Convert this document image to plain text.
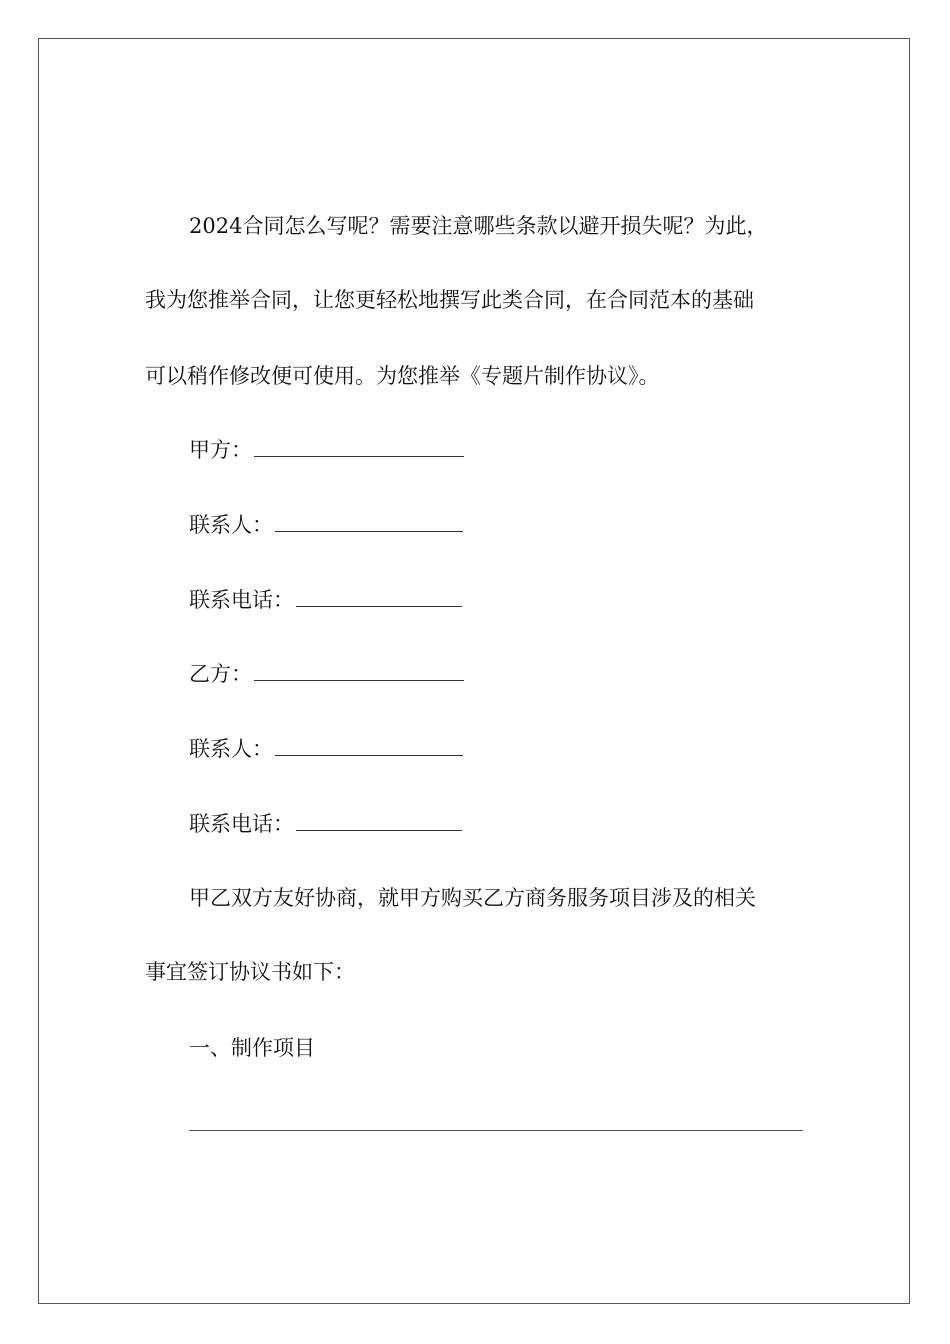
2024合同怎么写呢？需要注意哪些条款以避开损失呢？为此，
我为您推举合同，让您更轻松地撰写此类合同，在合同范本的基础
可以稍作修改便可使用。为您推举《专题片制作协议》。
甲方：
联系人：
联系电话：
乙方：
联系人：
联系电话：
甲乙双方友好协商，就甲方购买乙方商务服务项目涉及的相关
事宜签订协议书如下：
一、制作项目
